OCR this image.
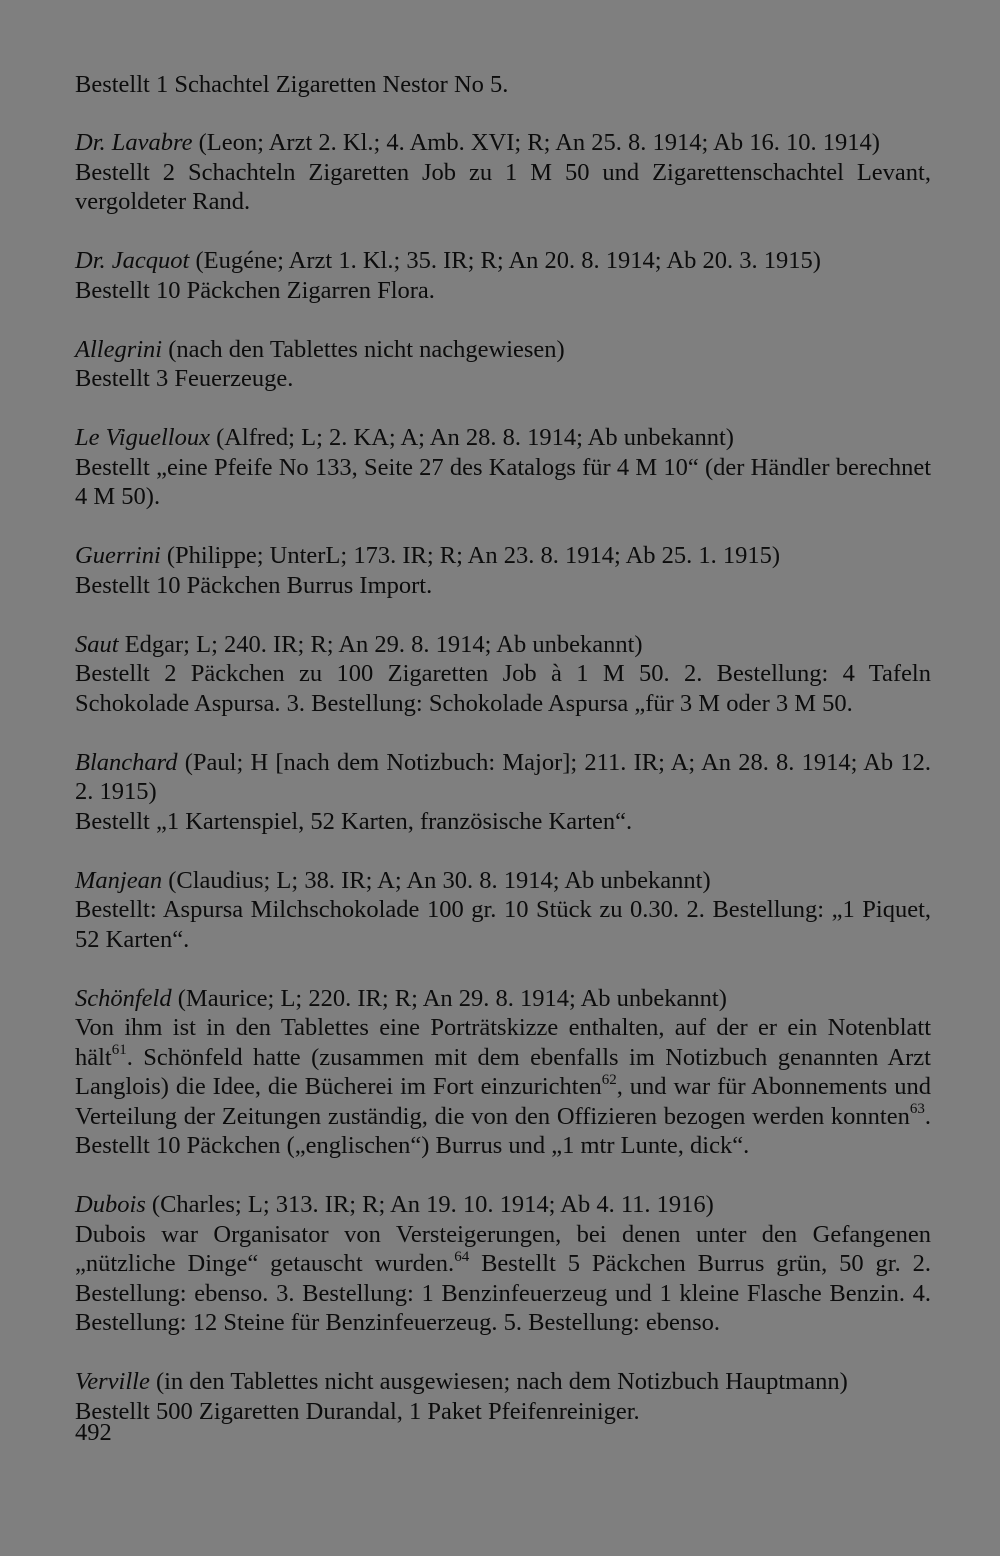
Bestellt 1 Schachtel Zigaretten Nestor No 5.

Dr. Lavabre (Leon; Arzt 2. Kl.; 4. Amb. XVI; R; An 25. 8. 1914; Ab 16. 10. 1914)
Bestellt 2 Schachteln Zigaretten Job zu 1 M 50 und Zigarettenschachtel Levant, vergoldeter Rand.
Dr. Jacquot (Eugéne; Arzt 1. Kl.; 35. IR; R; An 20. 8. 1914; Ab 20. 3. 1915)
Bestellt 10 Päckchen Zigarren Flora.
Allegrini (nach den Tablettes nicht nachgewiesen)
Bestellt 3 Feuerzeuge.
Le Viguelloux (Alfred; L; 2. KA; A; An 28. 8. 1914; Ab unbekannt)
Bestellt „eine Pfeife No 133, Seite 27 des Katalogs für 4 M 10“ (der Händler berechnet 4 M 50).
Guerrini (Philippe; UnterL; 173. IR; R; An 23. 8. 1914; Ab 25. 1. 1915)
Bestellt 10 Päckchen Burrus Import.
Saut Edgar; L; 240. IR; R; An 29. 8. 1914; Ab unbekannt)
Bestellt 2 Päckchen zu 100 Zigaretten Job à 1 M 50. 2. Bestellung: 4 Tafeln Schokolade Aspursa. 3. Bestellung: Schokolade Aspursa „für 3 M oder 3 M 50.
Blanchard (Paul; H [nach dem Notizbuch: Major]; 211. IR; A; An 28. 8. 1914; Ab 12. 2. 1915)
Bestellt „1 Kartenspiel, 52 Karten, französische Karten“.
Manjean (Claudius; L; 38. IR; A; An 30. 8. 1914; Ab unbekannt)
Bestellt: Aspursa Milchschokolade 100 gr. 10 Stück zu 0.30. 2. Bestellung: „1 Piquet, 52 Karten“.
Schönfeld (Maurice; L; 220. IR; R; An 29. 8. 1914; Ab unbekannt)
Von ihm ist in den Tablettes eine Porträtskizze enthalten, auf der er ein Notenblatt hält$^{61}$. Schönfeld hatte (zusammen mit dem ebenfalls im Notizbuch genannten Arzt Langlois) die Idee, die Bücherei im Fort einzurichten$^{62}$, und war für Abonnements und Verteilung der Zeitungen zuständig, die von den Offizieren bezogen werden konnten$^{63}$. Bestellt 10 Päckchen („englischen“) Burrus und „1 mtr Lunte, dick“.
Dubois (Charles; L; 313. IR; R; An 19. 10. 1914; Ab 4. 11. 1916)
Dubois war Organisator von Versteigerungen, bei denen unter den Gefangenen „nützliche Dinge“ getauscht wurden.$^{64}$ Bestellt 5 Päckchen Burrus grün, 50 gr. 2. Bestellung: ebenso. 3. Bestellung: 1 Benzinfeuerzeug und 1 kleine Flasche Benzin. 4. Bestellung: 12 Steine für Benzinfeuerzeug. 5. Bestellung: ebenso.
Verville (in den Tablettes nicht ausgewiesen; nach dem Notizbuch Hauptmann)
Bestellt 500 Zigaretten Durandal, 1 Paket Pfeifenreiniger.
492
